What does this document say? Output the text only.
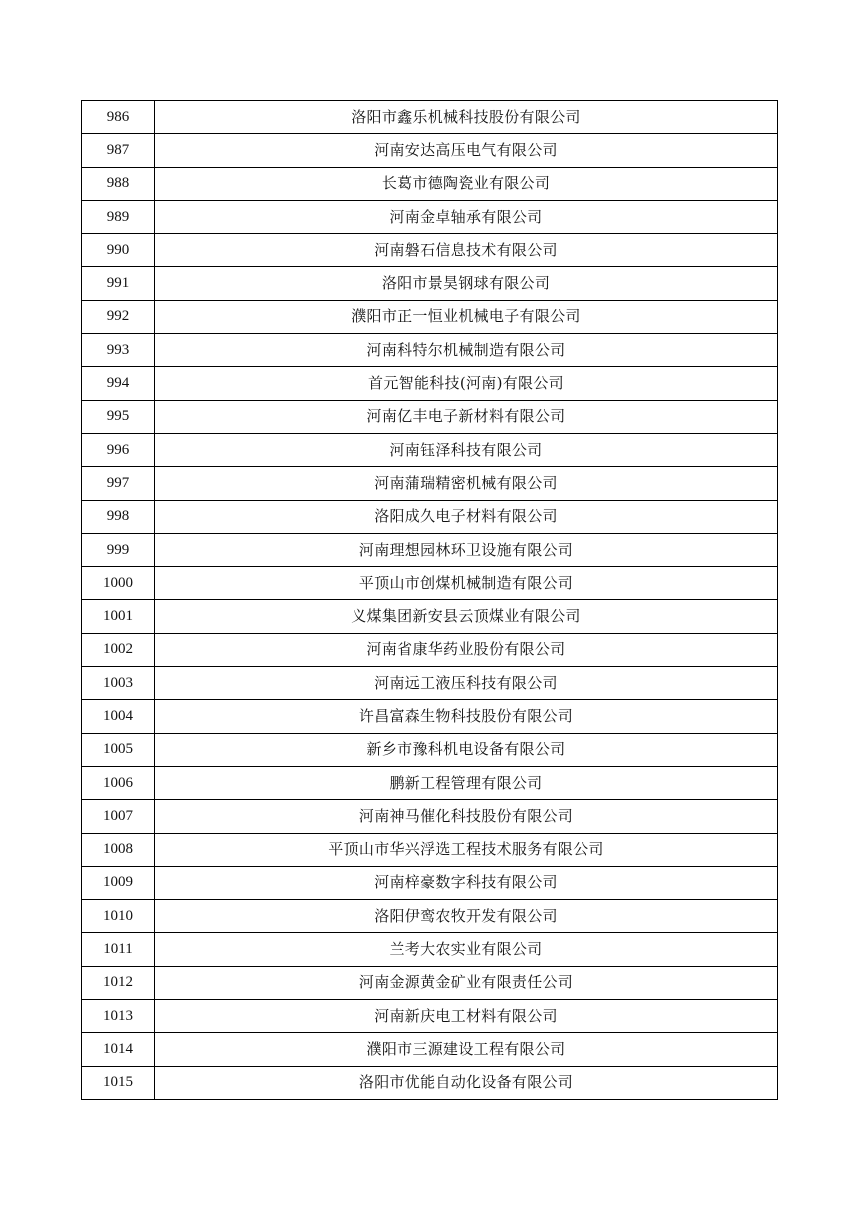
986	洛阳市鑫乐机械科技股份有限公司
987	河南安达高压电气有限公司
988	长葛市德陶瓷业有限公司
989	河南金卓轴承有限公司
990	河南磐石信息技术有限公司
991	洛阳市景昊钢球有限公司
992	濮阳市正一恒业机械电子有限公司
993	河南科特尔机械制造有限公司
994	首元智能科技(河南)有限公司
995	河南亿丰电子新材料有限公司
996	河南钰泽科技有限公司
997	河南蒲瑞精密机械有限公司
998	洛阳成久电子材料有限公司
999	河南理想园林环卫设施有限公司
1000	平顶山市创煤机械制造有限公司
1001	义煤集团新安县云顶煤业有限公司
1002	河南省康华药业股份有限公司
1003	河南远工液压科技有限公司
1004	许昌富森生物科技股份有限公司
1005	新乡市豫科机电设备有限公司
1006	鹏新工程管理有限公司
1007	河南神马催化科技股份有限公司
1008	平顶山市华兴浮选工程技术服务有限公司
1009	河南梓豪数字科技有限公司
1010	洛阳伊鸾农牧开发有限公司
1011	兰考大农实业有限公司
1012	河南金源黄金矿业有限责任公司
1013	河南新庆电工材料有限公司
1014	濮阳市三源建设工程有限公司
1015	洛阳市优能自动化设备有限公司
